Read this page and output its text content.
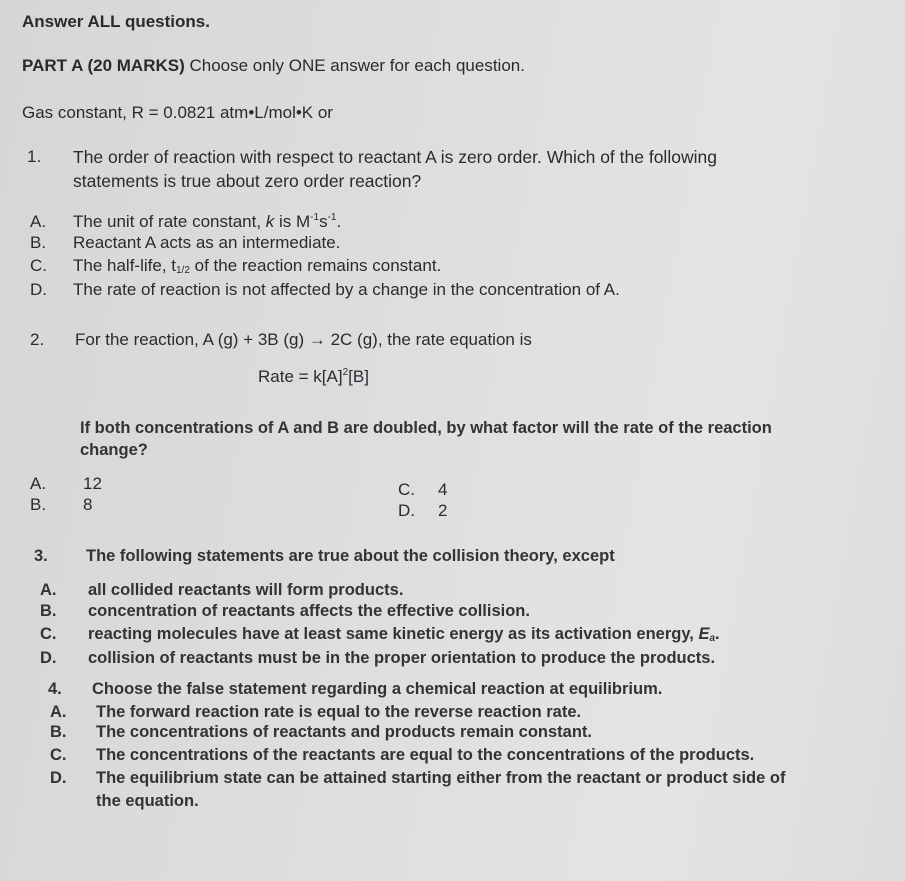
Answer ALL questions.
PART A (20 MARKS) Choose only ONE answer for each question.
Gas constant, R = 0.0821 atm•L/mol•K or
1. The order of reaction with respect to reactant A is zero order. Which of the following
statements is true about zero order reaction?
A. The unit of rate constant, k is $M^{-1}s^{-1}$.
B. Reactant A acts as an intermediate.
C. The half-life, $t_{1/2}$ of the reaction remains constant.
D. The rate of reaction is not affected by a change in the concentration of A.
2. For the reaction, A (g) + 3B (g) → 2C (g), the rate equation is
Rate = $k[A]^2[B]$
If both concentrations of A and B are doubled, by what factor will the rate of the reaction
change?
A. 12
B. 8
C. 4
D. 2
3. The following statements are true about the collision theory, except
A. all collided reactants will form products.
B. concentration of reactants affects the effective collision.
C. reacting molecules have at least same kinetic energy as its activation energy, $E_a$.
D. collision of reactants must be in the proper orientation to produce the products.
4. Choose the false statement regarding a chemical reaction at equilibrium.
A. The forward reaction rate is equal to the reverse reaction rate.
B. The concentrations of reactants and products remain constant.
C. The concentrations of the reactants are equal to the concentrations of the products.
D. The equilibrium state can be attained starting either from the reactant or product side of
the equation.
